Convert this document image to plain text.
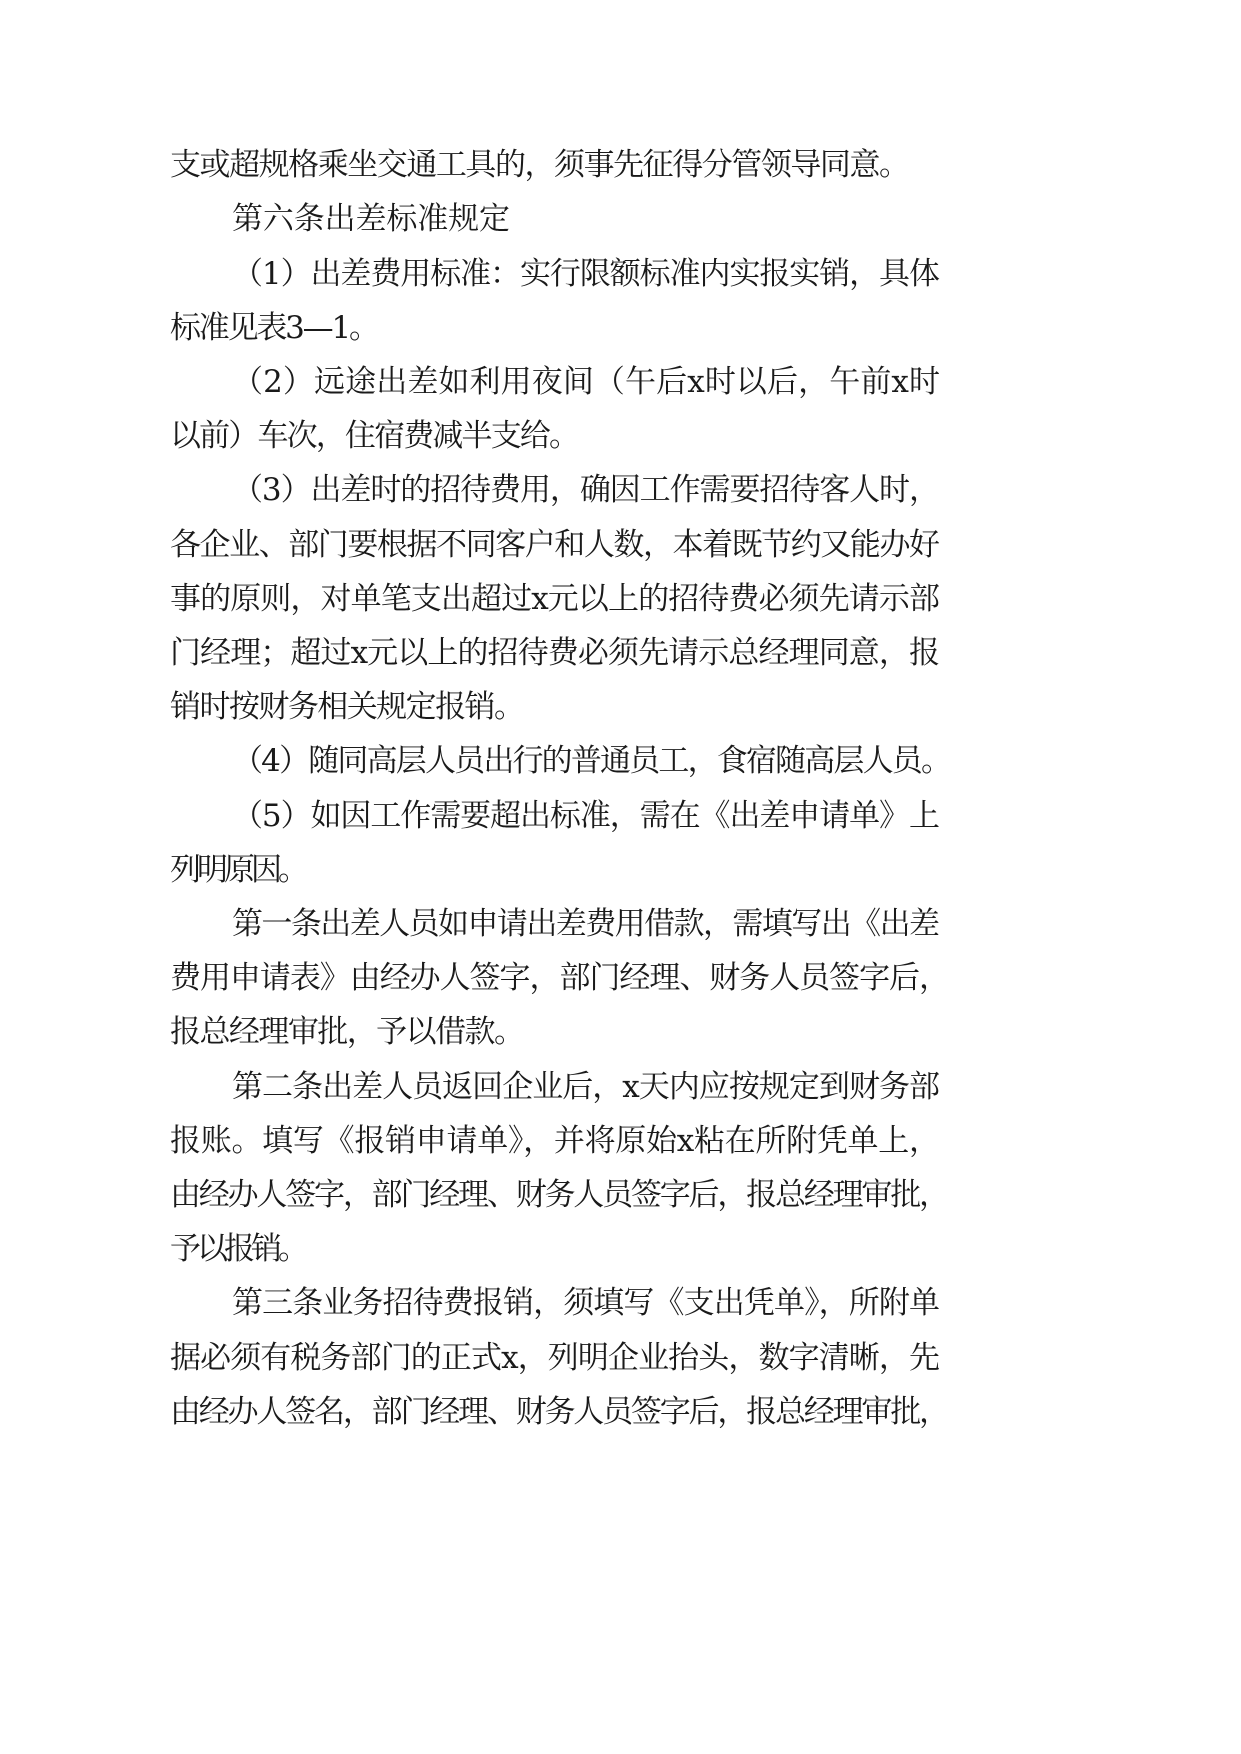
支或超规格乘坐交通工具的，须事先征得分管领导同意。
第六条出差标准规定
（1）出差费用标准：实行限额标准内实报实销，具体
标准见表3—1。
（2）远途出差如利用夜间（午后x时以后，午前x时
以前）车次，住宿费减半支给。
（3）出差时的招待费用，确因工作需要招待客人时，
各企业、部门要根据不同客户和人数，本着既节约又能办好
事的原则，对单笔支出超过x元以上的招待费必须先请示部
门经理；超过x元以上的招待费必须先请示总经理同意，报
销时按财务相关规定报销。
（4）随同高层人员出行的普通员工，食宿随高层人员。
（5）如因工作需要超出标准，需在《出差申请单》上
列明原因。
第一条出差人员如申请出差费用借款，需填写出《出差
费用申请表》由经办人签字，部门经理、财务人员签字后，
报总经理审批，予以借款。
第二条出差人员返回企业后，x天内应按规定到财务部
报账。填写《报销申请单》，并将原始x粘在所附凭单上，
由经办人签字，部门经理、财务人员签字后，报总经理审批，
予以报销。
第三条业务招待费报销，须填写《支出凭单》，所附单
据必须有税务部门的正式x，列明企业抬头，数字清晰，先
由经办人签名，部门经理、财务人员签字后，报总经理审批，
